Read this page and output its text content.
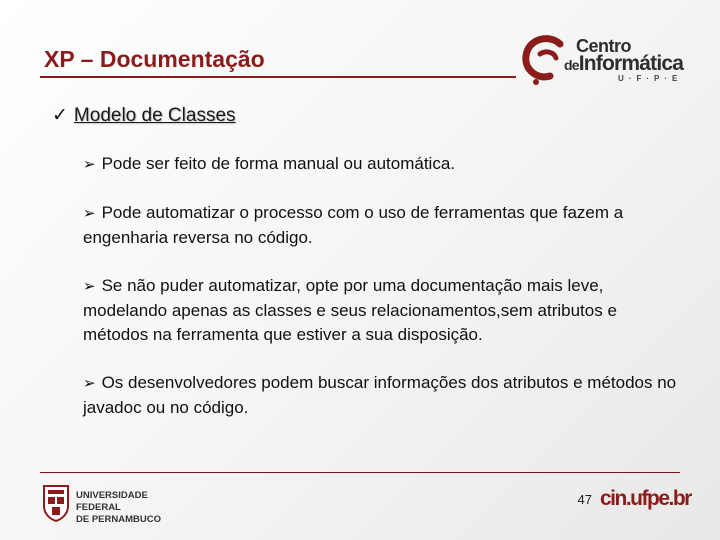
XP – Documentação	Centro
deInformática
U·F·P·E
✓ Modelo de Classes
➢ Pode ser feito de forma manual ou automática.
➢ Pode automatizar o processo com o uso de ferramentas que fazem a engenharia reversa no código.
➢ Se não puder automatizar, opte por uma documentação mais leve, modelando apenas as classes e seus relacionamentos,sem atributos e métodos na ferramenta que estiver a sua disposição.
➢ Os desenvolvedores podem buscar informações dos atributos e métodos no javadoc ou no código.
UNIVERSIDADE FEDERAL
DE PERNAMBUCO
47 cin.ufpe.br
